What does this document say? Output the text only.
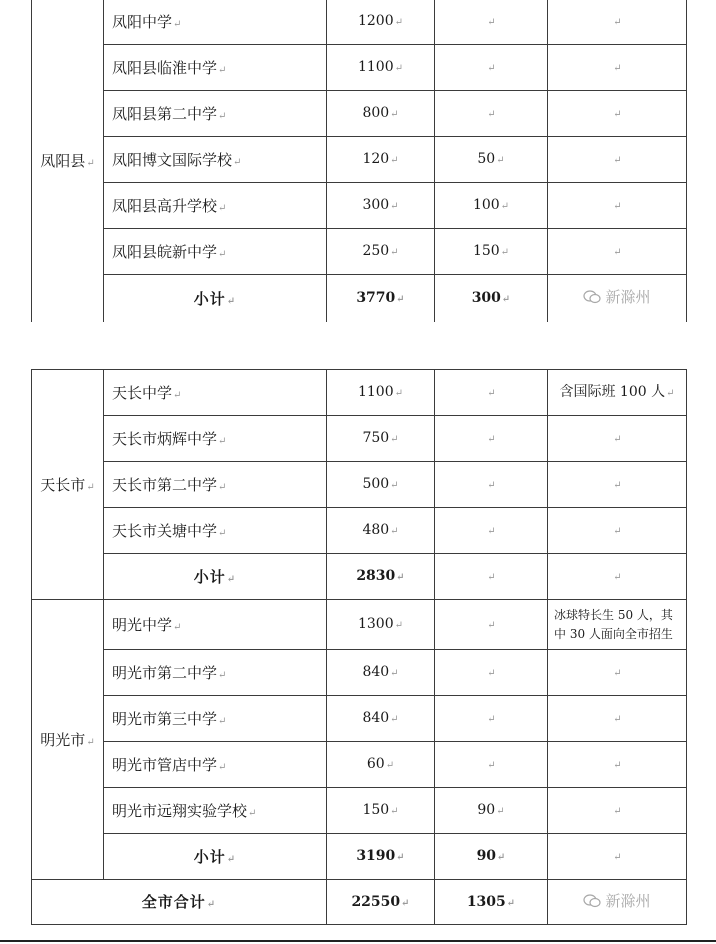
凤阳县↵	凤阳中学↵	1200↵	↵	↵
	凤阳县临淮中学↵	1100↵	↵	↵
	凤阳县第二中学↵	800↵	↵	↵
	凤阳博文国际学校↵	120↵	50↵	↵
	凤阳县高升学校↵	300↵	100↵	↵
	凤阳县皖新中学↵	250↵	150↵	↵
	小计↵	3770↵	300↵	新滁州
天长市↵	天长中学↵	1100↵	↵	含国际班 100 人↵
	天长市炳辉中学↵	750↵	↵	↵
	天长市第二中学↵	500↵	↵	↵
	天长市关塘中学↵	480↵	↵	↵
	小计↵	2830↵	↵	↵
明光市↵	明光中学↵	1300↵	↵	冰球特长生 50 人，其
中 30 人面向全市招生
	明光市第二中学↵	840↵	↵	↵
	明光市第三中学↵	840↵	↵	↵
	明光市管店中学↵	60↵	↵	↵
	明光市远翔实验学校↵	150↵	90↵	↵
	小计↵	3190↵	90↵	↵
全市合计↵		22550↵	1305↵	新滁州
